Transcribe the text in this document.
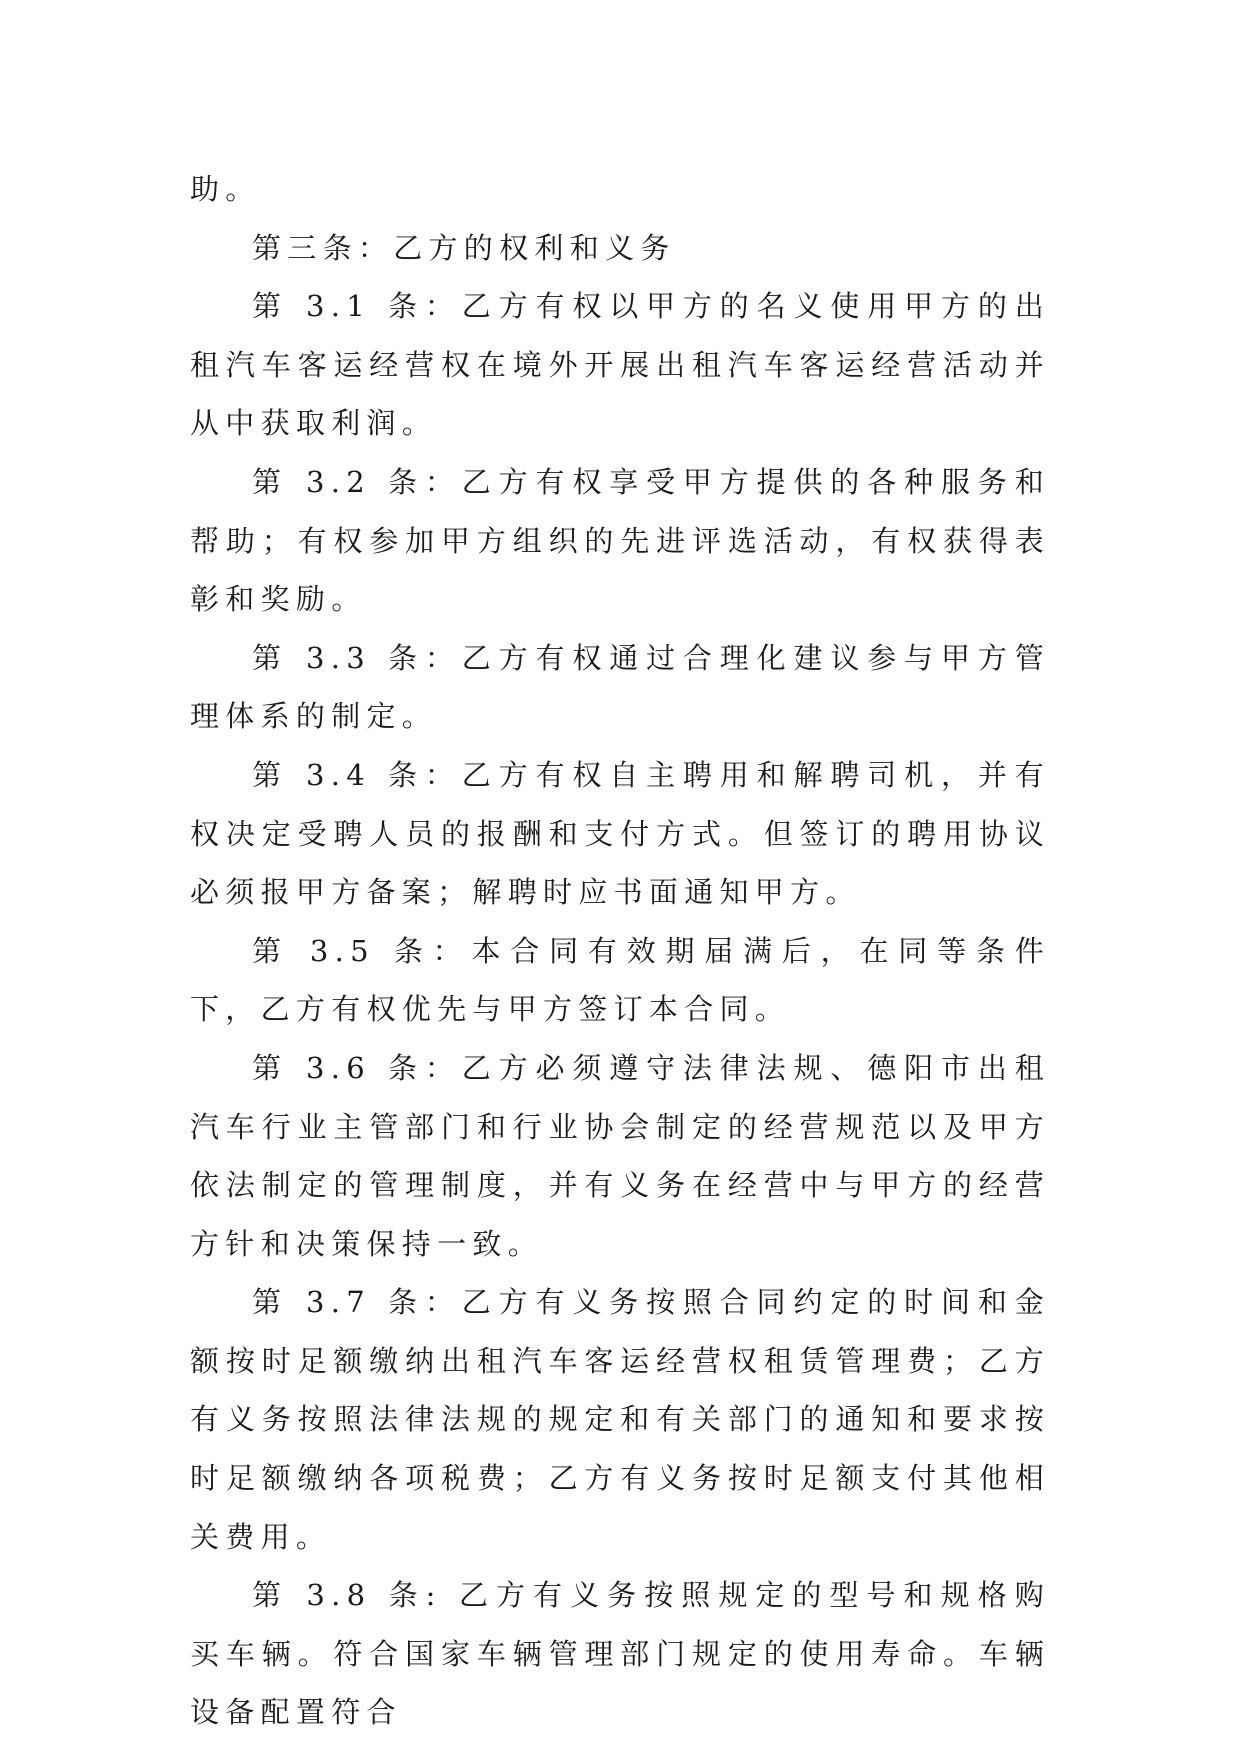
助。

第三条：乙方的权利和义务

第 3.1 条：乙方有权以甲方的名义使用甲方的出租汽车客运经营权在境外开展出租汽车客运经营活动并从中获取利润。

第 3.2 条：乙方有权享受甲方提供的各种服务和帮助；有权参加甲方组织的先进评选活动，有权获得表彰和奖励。

第 3.3 条：乙方有权通过合理化建议参与甲方管理体系的制定。

第 3.4 条：乙方有权自主聘用和解聘司机，并有权决定受聘人员的报酬和支付方式。但签订的聘用协议必须报甲方备案；解聘时应书面通知甲方。

第 3.5 条：本合同有效期届满后，在同等条件下，乙方有权优先与甲方签订本合同。

第 3.6 条：乙方必须遵守法律法规、德阳市出租汽车行业主管部门和行业协会制定的经营规范以及甲方依法制定的管理制度，并有义务在经营中与甲方的经营方针和决策保持一致。

第 3.7 条：乙方有义务按照合同约定的时间和金额按时足额缴纳出租汽车客运经营权租赁管理费；乙方有义务按照法律法规的规定和有关部门的通知和要求按时足额缴纳各项税费；乙方有义务按时足额支付其他相关费用。

第 3.8 条: 乙方有义务按照规定的型号和规格购买车辆。符合国家车辆管理部门规定的使用寿命。车辆设备配置符合
